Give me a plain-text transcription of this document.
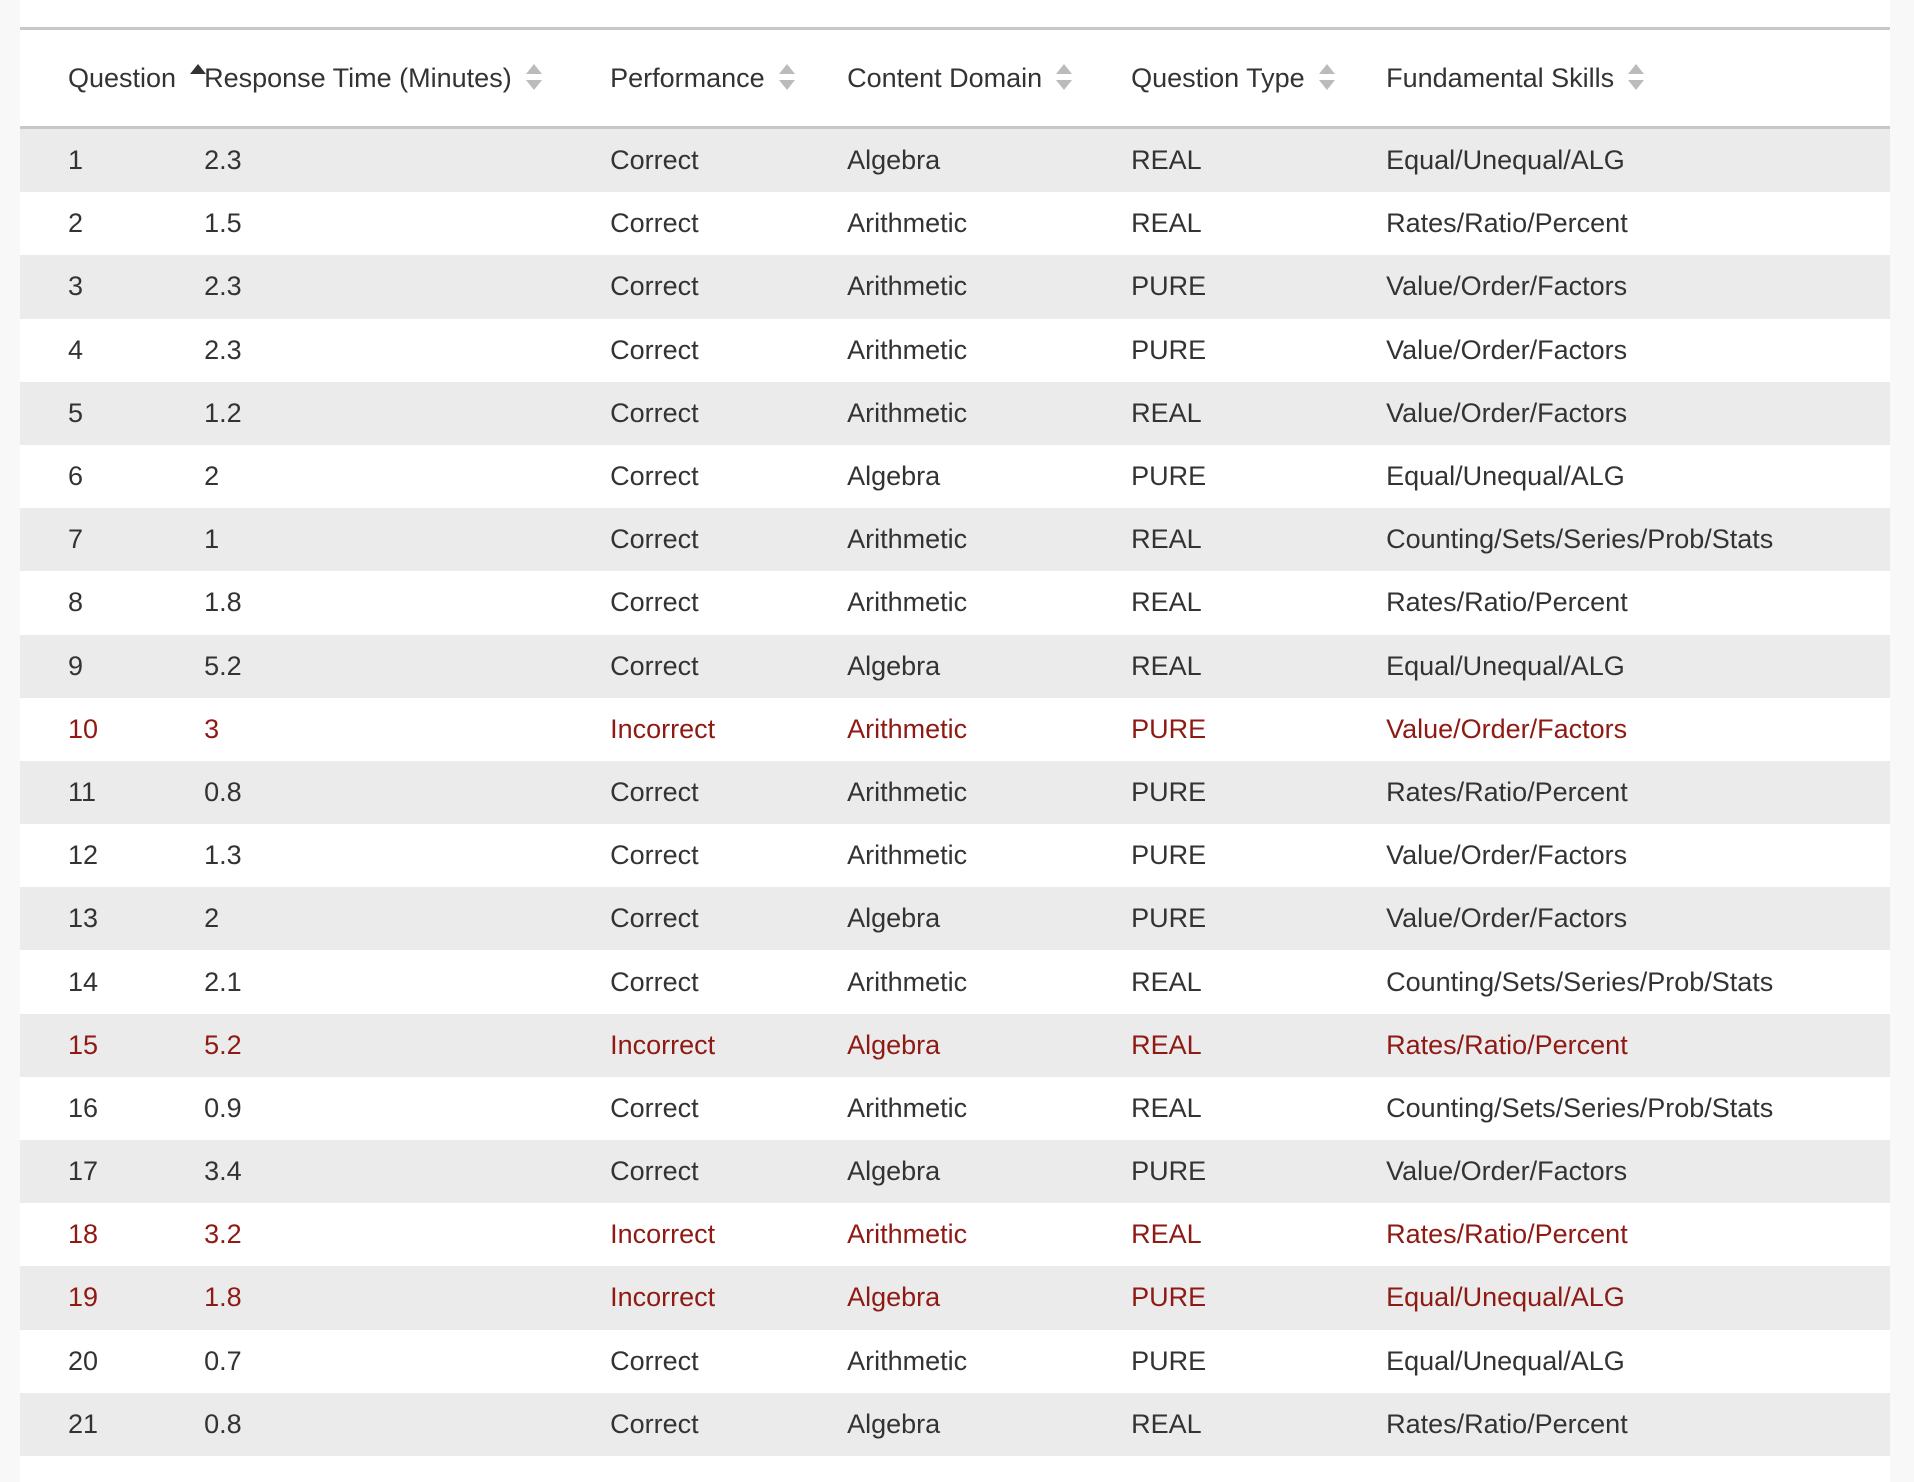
Question	Response Time (Minutes)	Performance	Content Domain	Question Type	Fundamental Skills

1	2.3	Correct	Algebra	REAL	Equal/Unequal/ALG
2	1.5	Correct	Arithmetic	REAL	Rates/Ratio/Percent
3	2.3	Correct	Arithmetic	PURE	Value/Order/Factors
4	2.3	Correct	Arithmetic	PURE	Value/Order/Factors
5	1.2	Correct	Arithmetic	REAL	Value/Order/Factors
6	2	Correct	Algebra	PURE	Equal/Unequal/ALG
7	1	Correct	Arithmetic	REAL	Counting/Sets/Series/Prob/Stats
8	1.8	Correct	Arithmetic	REAL	Rates/Ratio/Percent
9	5.2	Correct	Algebra	REAL	Equal/Unequal/ALG
10	3	Incorrect	Arithmetic	PURE	Value/Order/Factors
11	0.8	Correct	Arithmetic	PURE	Rates/Ratio/Percent
12	1.3	Correct	Arithmetic	PURE	Value/Order/Factors
13	2	Correct	Algebra	PURE	Value/Order/Factors
14	2.1	Correct	Arithmetic	REAL	Counting/Sets/Series/Prob/Stats
15	5.2	Incorrect	Algebra	REAL	Rates/Ratio/Percent
16	0.9	Correct	Arithmetic	REAL	Counting/Sets/Series/Prob/Stats
17	3.4	Correct	Algebra	PURE	Value/Order/Factors
18	3.2	Incorrect	Arithmetic	REAL	Rates/Ratio/Percent
19	1.8	Incorrect	Algebra	PURE	Equal/Unequal/ALG
20	0.7	Correct	Arithmetic	PURE	Equal/Unequal/ALG
21	0.8	Correct	Algebra	REAL	Rates/Ratio/Percent
